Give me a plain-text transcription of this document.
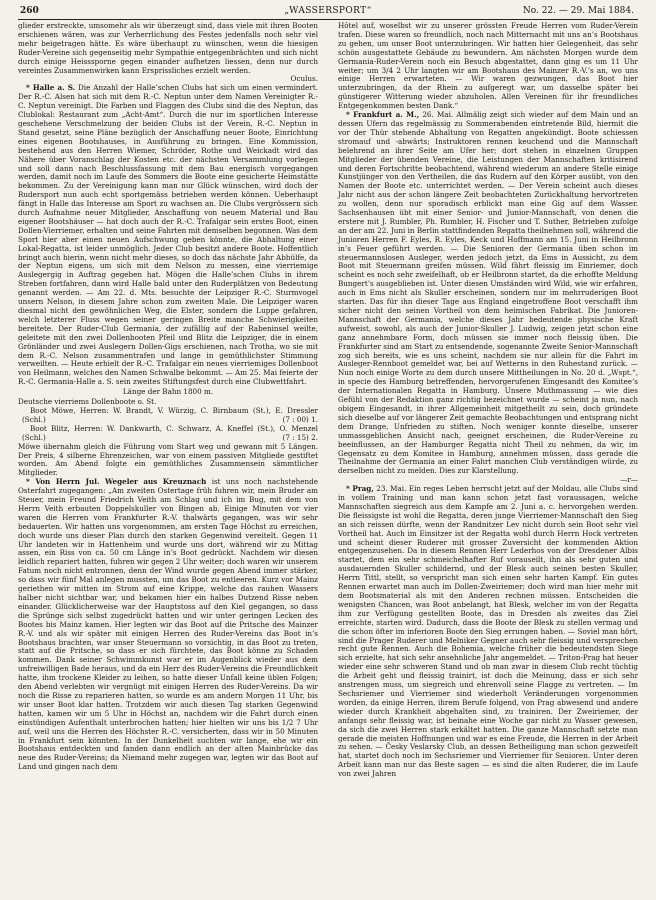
260	„WASSERSPORT“	No. 22. — 29. Mai 1884.

glieder erstreckte, umsomehr als wir überzeugt sind, dass viele mit ihren Booten erschienen wären, was zur Verherrlichung des Festes jedenfalls noch sehr viel mehr beigetragen hätte. Es wäre überhaupt zu wünschen, wenn die hiesigen Ruder-Vereine sich gegenseitig mehr Sympathie entgegenbrächten und sich nicht durch einige Heisssporne gegen einander aufhetzen liessen, denn nur durch vereintes Zusammenwirken kann Ersprissliches erzielt werden.

Oculus.

* Halle a. S. Die Anzahl der Halle’schen Clubs hat sich um einen vermindert. Der R.-C. Alsen hat sich mit dem R.-C. Neptun unter dem Namen Vereinigter R.-C. Neptun vereinigt. Die Farben und Flaggen des Clubs sind die des Neptun, das Clublokal: Restaurant zum „Acht-Amt“. Durch die nur im sportlichen Interesse geschehene Verschmelzung der beiden Clubs ist der Verein, R.-C. Neptun in Stand gesetzt, seine Pläne bezüglich der Anschaffung neuer Boote, Einrichtung eines eigenen Bootshauses, in Ausführung zu bringen. Eine Kommission, bestehend aus den Herren Wiemer, Schröder, Rothe und Weickadt wird das Nähere über Voranschlag der Kosten etc. der nächsten Versammlung vorlegen und soll dann nach Beschlussfassung mit dem Bau energisch vorgegangen werden, damit noch im Laufe des Sommers die Boote eine gesicherte Heimstätte bekommen. Zu der Vereinigung kann man nur Glück wünschen, wird doch der Rudersport nun auch echt sportgemäss betrieben werden können. Ueberhaupt fängt in Halle das Interesse am Sport zu wachsen an. Die Clubs vergrössern sich durch Aufnahme neuer Mitglieder, Anschaffung von neuem Material und Bau eigener Bootshäuser — hat doch auch der R.-C. Trafalgar sein erstes Boot, einen Dollen-Vierriemer, erhalten und seine Fahrten mit demselben begonnen. Was dem Sport hier aber einen neuen Aufschwung geben könnte, die Abhaltung einer Lokal-Regatta, ist leider unmöglich. Jeder Club besitzt andere Boote. Hoffentlich bringt auch hierin, wenn nicht mehr dieses, so doch das nächste Jahr Abhülfe, da der Neptun eigens, um sich mit dem Nelson zu messen, eine vierriemige Auslegergig in Auftrag gegeben hat. Mögen die Halle’schen Clubs in ihrem Streben fortfahren, dann wird Halle bald unter den Ruderplätzen von Bedeutung genannt werden. — Am 22. d. Mts. besuchte der Leipziger R.-C. Sturmvogel unsern Nelson, in diesem Jahre schon zum zweiten Male. Die Leipziger waren diesmal nicht den gewöhnlichen Weg, die Elster, sondern die Luppe gefahren, welch letzterer Fluss wegen seiner geringen Breite manche Schwierigkeiten bereitete. Der Ruder-Club Germania, der zufällig auf der Rabeninsel weilte, geleitete mit den zwei Dollenbooten Pfeil und Blitz die Leipziger, die in einem Grönländer und zwei Auslegern Dollen-Gigs erschienen, nach Trotha, wo sie mit dem R.-C. Nelson zusammentrafen und lange in gemüthlichster Stimmung verweilten. — Heute erhielt der R.-C. Trafalgar ein neues vierriemiges Dollenboot von Heilmann, welches den Namen Schwalbe bekommt. — Am 25. Mai feierte der R.-C. Germania-Halle a. S. sein zweites Stiftungsfest durch eine Clubwettfahrt.

Länge der Bahn 1800 m.

Deutsche vierriems Dollenboote o. St.

Boot Möwe, Herren: W. Brandt, V. Würzig, C. Birnbaum (St.), E. Dressler (Schl.)	(7 : 00) 1.

Boot Blitz, Herren: W. Dankwarth, C. Schwarz, A. Kneffel (St.), O. Menzel (Schl.)	(7 : 15) 2.

Möwe übernahm gleich die Führung vom Start weg und gewann mit 5 Längen. Der Preis, 4 silberne Ehrenzeichen, war von einem passiven Mitgliede gestiftet worden. Am Abend folgte ein gemüthliches Zusammensein sämmtlicher Mitglieder.

* Von Herrn Jul. Wegeler aus Kreuznach ist uns noch nachstehende Osterfahrt zugegangen: „Am zweiten Ostertage früh fuhren wir, mein Bruder am Steuer, mein Freund Friedrich Veith am Schlag und ich im Bug, mit dem von Herrn Veith erbauten Doppelskuller von Bingen ab. Einige Minuten vor vier waren die Herren vom Frankfurter R.-V. thalwärts gegangen, was wir sehr bedauerten. Wir hatten uns vorgenommen, am ersten Tage Höchst zu erreichen, doch wurde uns dieser Plan durch den starken Gegenwind vereitelt. Gegen 11 Uhr landeten wir in Hattenheim und wurde uns dort, während wir zu Mittag assen, ein Riss von ca. 50 cm Länge in’s Boot gedrückt. Nachdem wir diesen leidlich repariert hatten, fuhren wir gegen 2 Uhr weiter; doch waren wir unserem Fatum noch nicht entronnen, denn der Wind wurde gegen Abend immer stärker, so dass wir fünf Mal anlegen mussten, um das Boot zu entleeren. Kurz vor Mainz geriethen wir mitten im Strom auf eine Krippe, welche das rauhen Wassers halber nicht sichtbar war, und bekamen hier ein halbes Dutzend Risse neben einander. Glücklicherweise war der Hauptstoss auf den Kiel gegangen, so dass die Sprünge sich selbst zugedrückt hatten und wir unter geringen Lecken des Bootes bis Mainz kamen. Hier legten wir das Boot auf die Pritsche des Mainzer R.-V. und als wir später mit einigen Herren des Ruder-Vereins das Boot in’s Bootshaus brachten, war unser Steuermann so vorsichtig, in das Boot zu treten, statt auf die Pritsche, so dass er sich fürchtete, das Boot könne zu Schaden kommen. Dank seiner Schwimmkunst war er im Augenblick wieder aus dem unfreiwilligen Bade heraus, und da ein Herr des Ruder-Vereins die Freundlichkeit hatte, ihm trockene Kleider zu leihen, so hatte dieser Unfall keine üblen Folgen; den Abend verlebten wir vergnügt mit einigen Herren des Ruder-Vereins. Da wir noch die Risse zu reparieren hatten, so wurde es am andern Morgen 11 Uhr, bis wir unser Boot klar hatten. Trotzdem wir auch diesen Tag starken Gegenwind hatten, kamen wir um 5 Uhr in Höchst an, nachdem wir die Fahrt durch einen einstündigen Aufenthalt unterbrochen hatten; hier hielten wir uns bis 1/2 7 Uhr auf, weil uns die Herren des Höchster R.-C. versicherten, dass wir in 50 Minuten in Frankfurt sein könnten. In der Dunkelheit suchten wir lange, ehe wir ein Bootshaus entdeckten und fanden dann endlich an der alten Mainbrücke das neue des Ruder-Vereins; da Niemand mehr zugegen war, legten wir das Boot auf Land und gingen nach dem

Hôtel auf, woselbst wir zu unserer grössten Freude Herren vom Ruder-Verein trafen. Diese waren so freundlich, noch nach Mitternacht mit uns an’s Bootshaus zu gehen, um unser Boot unterzubringen. Wir hatten hier Gelegenheit, das sehr schön ausgestattete Gebäude zu bewundern. Am nächsten Morgen wurde dem Germania-Ruder-Verein noch ein Besuch abgestattet, dann ging es um 11 Uhr weiter; um 3/4 2 Uhr langten wir am Bootshaus des Mainzer R.-V.’s an, wo uns einige Herren erwarteten. — Wir waren gezwungen, das Boot hier unterzubringen, da der Rhein zu aufgeregt war, um dasselbe später bei günstigerer Witterung wieder abzuholen. Allen Vereinen für ihr freundliches Entgegenkommen besten Dank.“

* Frankfurt a. M., 26. Mai. Allmälig zeigt sich wieder auf dem Main und an dessen Ufern das regelmässig zu Sommerabenden eintretende Bild, hiermit die vor der Thür stehende Abhaltung von Regatten angekündigt. Boote schiessen stromauf und -abwärts; Instruktoren rennen keuchend und die Mannschaft belehrend an ihrer Seite am Ufer her; dort stehen in einzelnen Gruppen Mitglieder der übenden Vereine, die Leistungen der Mannschaften kritisirend und deren Fortschritte beobachtend, während wiederum an andere Stelle einige Kunstjünger von den Vertheilen, die das Rudern auf den Körper ausübt, von den Namen der Boote etc. unterrichtet werden. — Der Verein scheint auch dieses Jahr nicht aus der schon längere Zeit beobachteten Zurückhaltung hervortreten zu wollen, denn nur sporadisch erblickt man eine Gig auf dem Wasser. Sachsenhausen übt mit einer Senior- und Junior-Mannschaft, von denen die erstere mit J. Rumbler, Ph. Rumbler, H. Fischer und T. Suther, Betrieben zufolge an der am 22. Juni in Berlin stattfindenden Regatta theilnehmen soll, während die Junioren Herren F. Eyles, R. Eyles, Keck und Hoffmann am 15. Juni in Heilbronn in’s Feuer geführt werden. — Die Senioren der Germania üben schon im steuermannslosen Ausleger, werden jedoch jetzt, da Ems in Aussicht, zu dem Boot mit Steuermann greifen müssen. Wild fährt fleissig im Einriemer, doch scheint es noch sehr zweifelhaft, ob er Heilbronn startet, da die erhoffte Meldung Bungert’s ausgeblieben ist. Unter diesen Umständen wird Wild, wie wir erfahren, auch in Ems nicht als Skuller erscheinen, sondern nur im mehrruderigen Boot starten. Das für ihn dieser Tage aus England eingetroffene Boot verschafft ihm sicher nicht den seinen Vortheil von dem heimischen Fabrikat. Die Junioren-Mannschaft der Germania, welche dieses Jahr bedeutende physische Kraft aufweist, sowohl, als auch der Junior-Skuller J. Ludwig, zeigen jetzt schon eine ganz annehmbare Form, doch müssen sie immer noch fleissig üben. Die Frankfurter sind am Start zu entsendende, sogenannte Zweite Senior-Mannschaft zog sich bereits, wie es uns scheint, nachdem sie nur allein für die Fahrt im Ausleger-Rennboot gemeldet war, bei auf Wetterns in den Ruhestand zurück. — Nun noch einige Worte zu dem durch unsere Mittheilungen in No. 20 d. „Wspt.“, in specie des Hamburg betreffenden, hervorgerufenen Eingesandt des Komitee’s der Internationalen Regatta in Hamburg. Unsere Muthmassung — wie dies Gefühl von der Redaktion ganz richtig bezeichnet wurde — scheint ja nun, nach obigem Eingesandt, in ihrer Allgemeinheit mitgetheilt zu sein, doch gründete sich dieselbe auf vor längerer Zeit gemachte Beobachtungen und entsprang nicht dem Drange, Unfrieden zu stiften. Noch weniger konnte dieselbe, unserer unmassgeblichen Ansicht nach, geeignet erscheinen, die Ruder-Vereine zu beeinflussen, an der Hamburger Regatta nicht Theil zu nehmen, da wir, im Gegensatz zu dem Komitee in Hamburg, annehmen müssen, dass gerade die Theilnahme der Germania an einer Fahrt manchen Club verständigen würde, zu derselben nicht zu melden. Dies zur Klarstellung.

—r—

* Prag, 23. Mai. Ein reges Leben herrscht jetzt auf der Moldau, alle Clubs sind in vollem Training und man kann schon jetzt fast voraussagen, welche Mannschaften siegreich aus dem Kampfe am 2. Juni a. c. hervorgehen werden. Die fleissigste ist wohl die Regatta, deren junge Vierriemer-Mannschaft den Sieg an sich reissen dürfte, wenn der Randnitzer Lev nicht durch sein Boot sehr viel Vortheil hat. Auch im Einsitzer ist der Regatta wohl durch Herrn Hock vertreten und scheint dieser Ruderer mit grosser Zuversicht der kommenden Aktion entgegenzusehen. Da in diesem Rennen Herr Lederhos von der Dresdener Albis startet, dem ein sehr schmeichelhafter Ruf vorauseilt, ihn als sehr guten und ausdauernden Skuller schildernd, und der Blesk auch seinen besten Skuller, Herrn Tittl, stellt, so verspricht man sich einen sehr harten Kampf. Ein gutes Rennen erwartet man auch im Dollen-Zweiriemer; doch wird man hier mehr mit dem Bootsmaterial als mit den Anderen rechnen müssen. Entscheiden die wenigsten Chancen, was Boot anbelangt, hat Blesk, welcher im von der Regatta ihm zur Verfügung gestellten Boote, das in Dresden als zweites das Ziel erreichte, starten wird. Dadurch, dass die Boote der Blesk zu stellen vermag und die schon öfter im inferioren Boote den Sieg errungen haben. — Soviel man hört, sind die Prager Ruderer und Melniker Gegner auch sehr fleissig und versprechen recht gute Rennen. Auch die Bohemia, welche früher die bedeutendsten Siege sich erzielte, hat sich sehr ansehnliche Jahr angemeldet. — Triton-Prag hat heuer wieder eine sehr schweren Stand und ob man zwar in diesem Club recht tüchtig die Arbeit geht und fleissig trainirt, ist doch die Meinung, dass er sich sehr anstrengen muss, um siegreich und ehrenvoll seine Flagge zu vertreten. — Im Sechsriemer und Vierriemer sind wiederholt Veränderungen vorgenommen worden, da einige Herren, ihrem Berufe folgend, von Prag abwesend und andere wieder durch Krankheit abgehalten sind, zu trainiren. Der Zweiriemer, der anfangs sehr fleissig war, ist beinahe eine Woche gar nicht zu Wasser gewesen, da sich die zwei Herren stark erkältet hatten. Die ganze Mannschaft setzte man gerade die meisten Hoffnungen und war es eine Freude, die Herren in der Arbeit zu sehen. — Česky Veslarsky Club, an dessen Betheiligung man schon gezweifelt hat, startet doch noch im Sechsriemer und Vierriemer für Senioren. Unter deren Arbeit kann man nur das Beste sagen — es sind die alten Ruderer, die im Laufe von zwei Jahren
